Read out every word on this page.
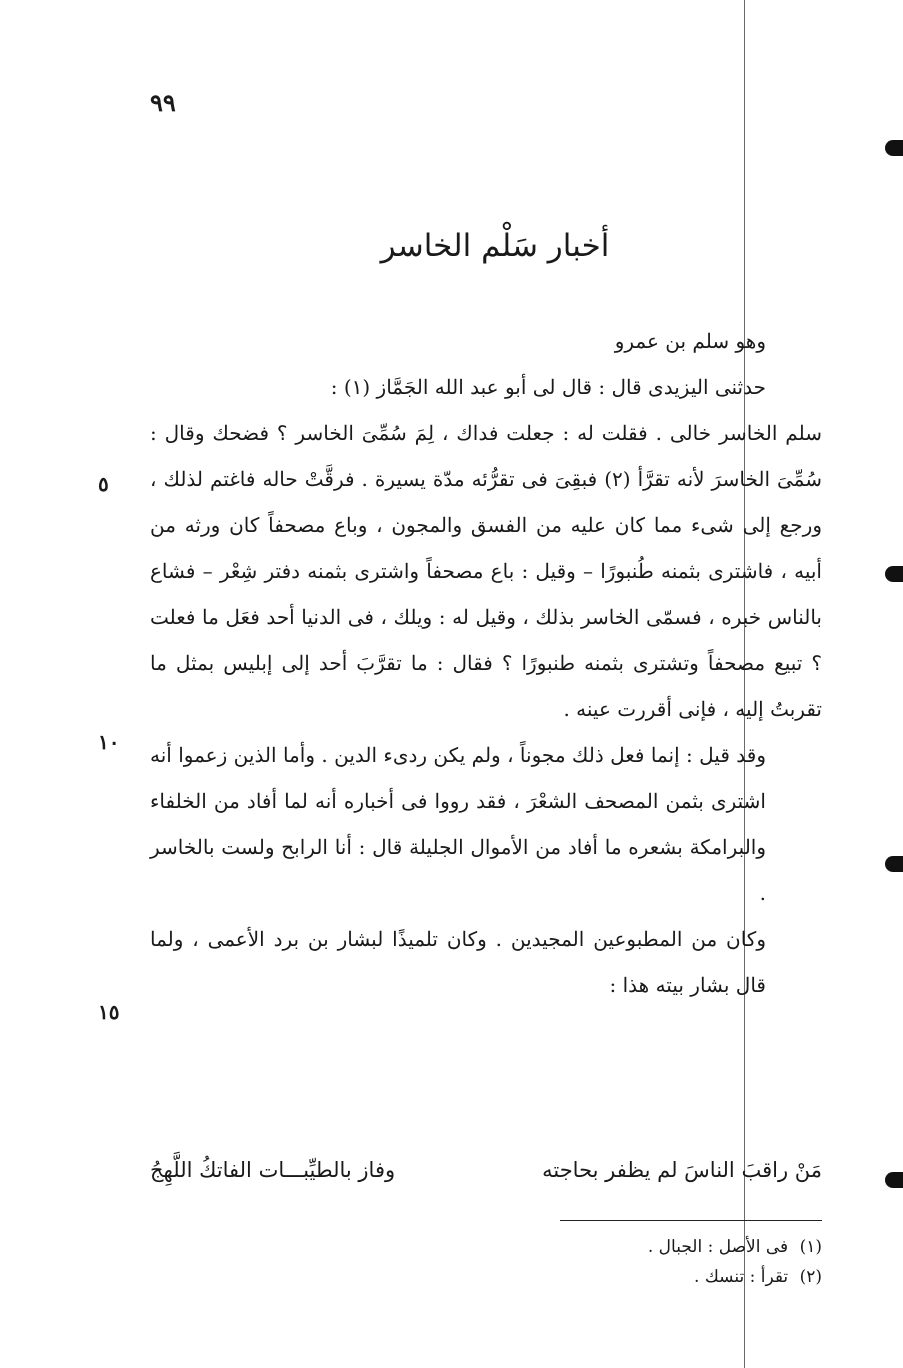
٩٩
أخبار سَلْم الخاسر

وهو سلم بن عمرو

حدثنى اليزيدى قال : قال لى أبو عبد الله الجَمَّاز (١) :

سلم الخاسر خالى . فقلت له : جعلت فداك ، لِمَ سُمِّىَ الخاسر ؟ فضحك وقال : سُمِّىَ الخاسرَ لأنه تقرَّأ (٢) فبقِىَ فى تقرُّئه مدّة يسيرة . فرقَّتْ حاله فاغتم لذلك ، ورجع إلى شىء مما كان عليه من الفسق والمجون ، وباع مصحفاً كان ورثه من أبيه ، فاشترى بثمنه طُنبورًا – وقيل : باع مصحفاً واشترى بثمنه دفتر شِعْر – فشاع بالناس خبره ، فسمّى الخاسر بذلك ، وقيل له : ويلك ، فى الدنيا أحد فعَل ما فعلت ؟ تبيع مصحفاً وتشترى بثمنه طنبورًا ؟ فقال : ما تقرَّبَ أحد إلى إبليس بمثل ما تقربتُ إليه ، فإنى أقررت عينه .

وقد قيل : إنما فعل ذلك مجوناً ، ولم يكن ردىء الدين . وأما الذين زعموا أنه اشترى بثمن المصحف الشعْرَ ، فقد رووا فى أخباره أنه لما أفاد من الخلفاء والبرامكة بشعره ما أفاد من الأموال الجليلة قال : أنا الرابح ولست بالخاسر .

وكان من المطبوعين المجيدين . وكان تلميذًا لبشار بن برد الأعمى ، ولما قال بشار بيته هذا :

٥
١٠
١٥
مَنْ راقبَ الناسَ لم يظفر بحاجته
وفاز بالطيِّبـــات الفاتكُ اللَّهِجُ

(١) فى الأصل : الجبال .

(٢) تقرأ : تنسك .
